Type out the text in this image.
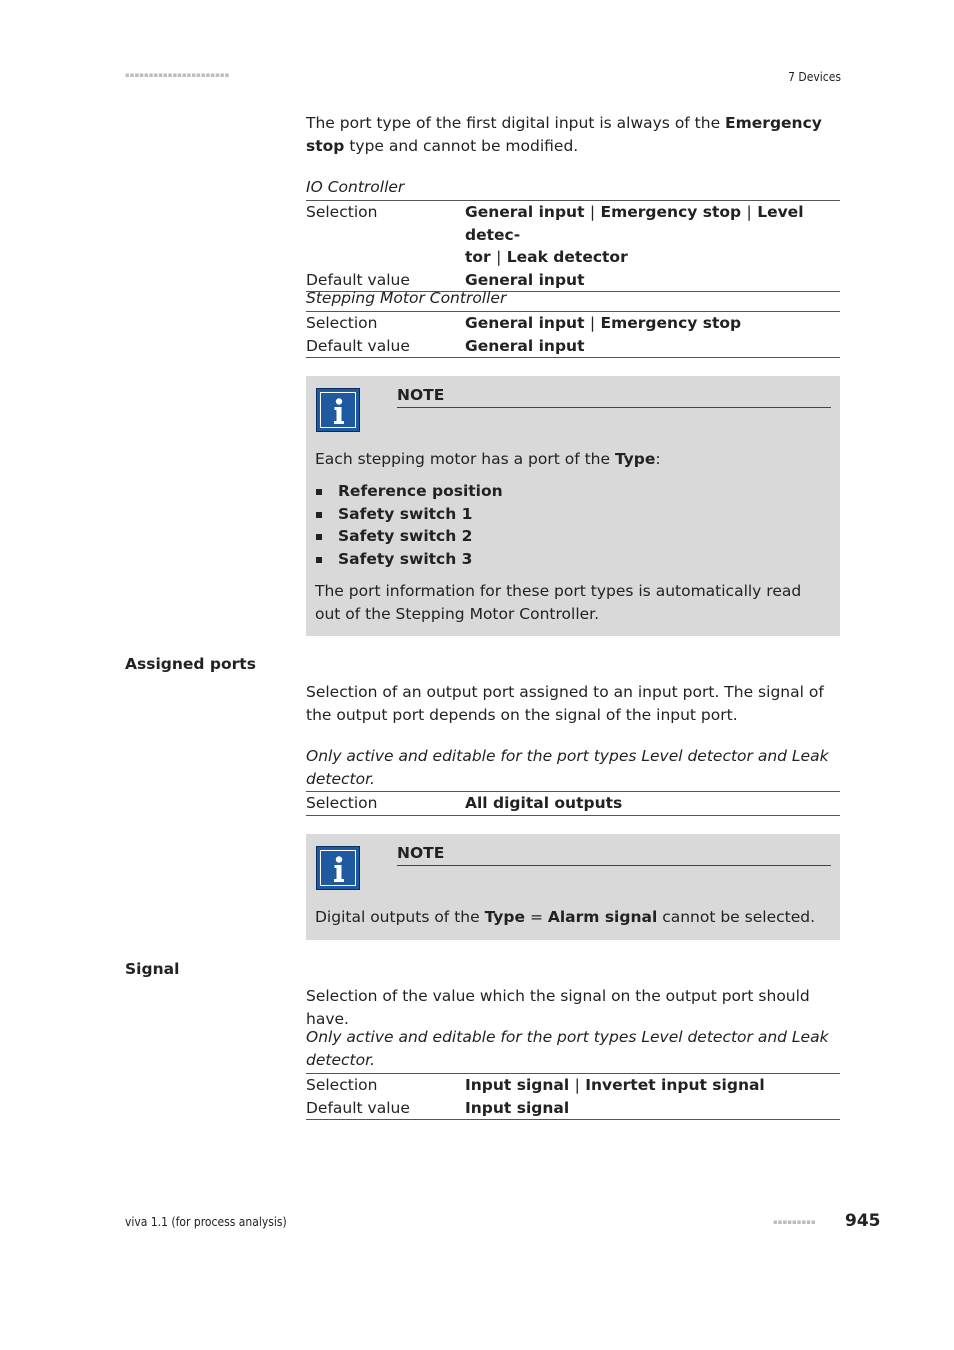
▪▪▪▪▪▪▪▪▪▪▪▪▪▪▪▪▪▪▪▪▪▪	7 Devices
The port type of the first digital input is always of the Emergency stop type and cannot be modified.
IO Controller
Selection	General input | Emergency stop | Level detec-
tor | Leak detector
Default value	General input
Stepping Motor Controller
Selection	General input | Emergency stop
Default value	General input
NOTE
Each stepping motor has a port of the Type:
Reference position
Safety switch 1
Safety switch 2
Safety switch 3
The port information for these port types is automatically read out of the Stepping Motor Controller.
Assigned ports
Selection of an output port assigned to an input port. The signal of the output port depends on the signal of the input port.
Only active and editable for the port types Level detector and Leak detector.
Selection	All digital outputs
NOTE
Digital outputs of the Type = Alarm signal cannot be selected.
Signal
Selection of the value which the signal on the output port should have.
Only active and editable for the port types Level detector and Leak detector.
Selection	Input signal | Invertet input signal
Default value	Input signal
viva 1.1 (for process analysis)	▪▪▪▪▪▪▪▪▪ 945
